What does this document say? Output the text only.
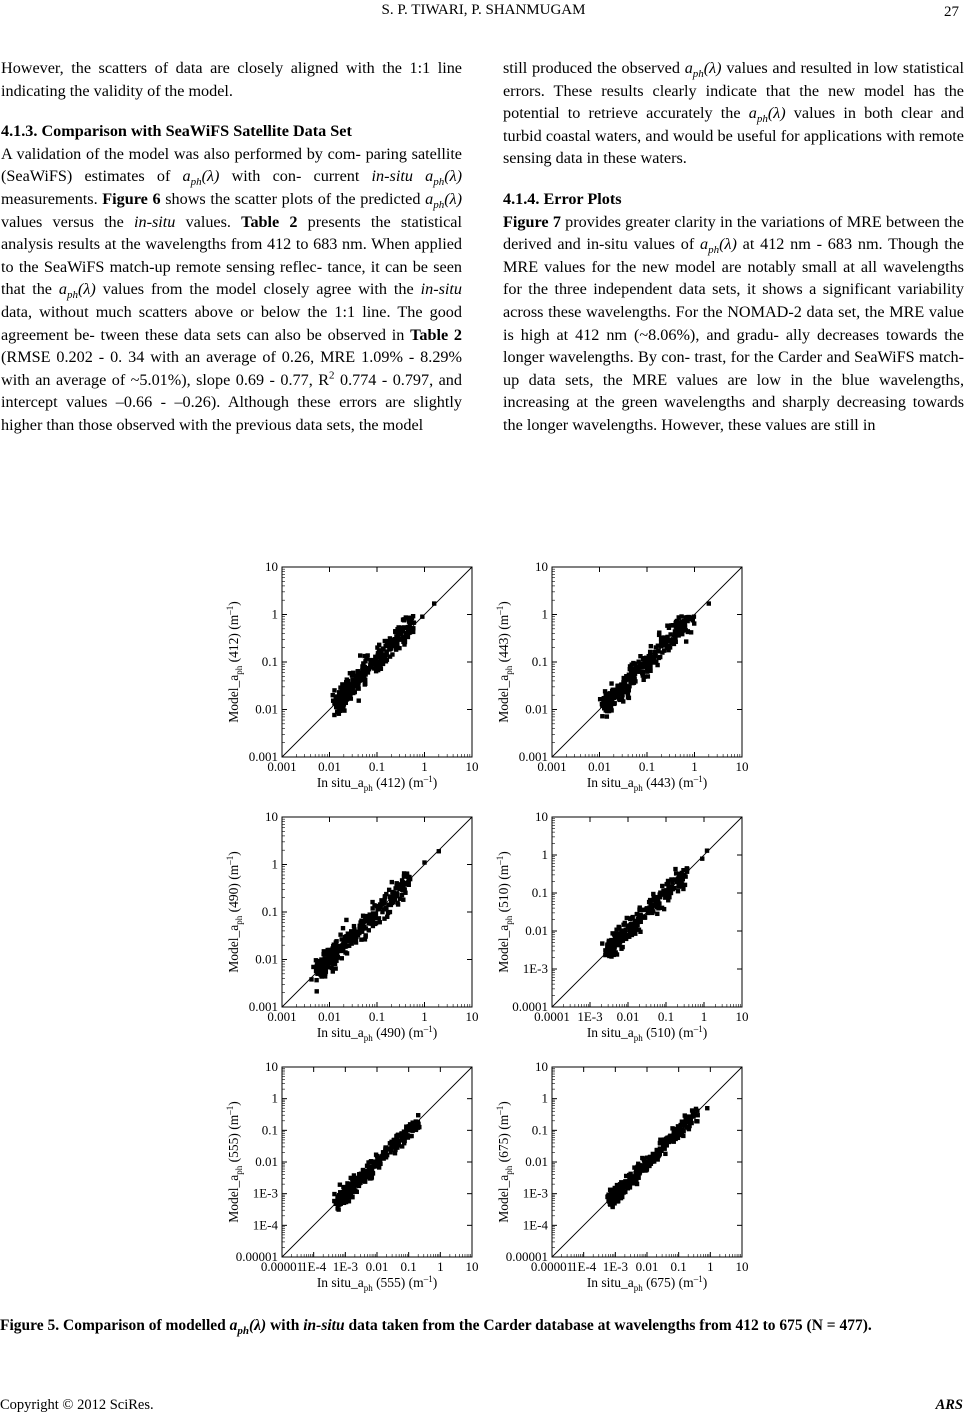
S. P. TIWARI, P. SHANMUGAM	27

However, the scatters of data are closely aligned with the 1:1 line indicating the validity of the model.

4.1.3. Comparison with SeaWiFS Satellite Data Set

A validation of the model was also performed by com- paring satellite (SeaWiFS) estimates of $a_{ph}(\lambda)$ with con- current in-situ $a_{ph}(\lambda)$ measurements. Figure 6 shows the scatter plots of the predicted $a_{ph}(\lambda)$ values versus the in-situ values. Table 2 presents the statistical analysis results at the wavelengths from 412 to 683 nm. When applied to the SeaWiFS match-up remote sensing reflec- tance, it can be seen that the $a_{ph}(\lambda)$ values from the model closely agree with the in-situ data, without much scatters above or below the 1:1 line. The good agreement be- tween these data sets can also be observed in Table 2 (RMSE 0.202 - 0. 34 with an average of 0.26, MRE 1.09% - 8.29% with an average of ~5.01%), slope 0.69 - 0.77, $R^2$ 0.774 - 0.797, and intercept values –0.66 - –0.26). Although these errors are slightly higher than those observed with the previous data sets, the model

still produced the observed $a_{ph}(\lambda)$ values and resulted in low statistical errors. These results clearly indicate that the new model has the potential to retrieve accurately the $a_{ph}(\lambda)$ values in both clear and turbid coastal waters, and would be useful for applications with remote sensing data in these waters.

4.1.4. Error Plots

Figure 7 provides greater clarity in the variations of MRE between the derived and in-situ values of $a_{ph}(\lambda)$ at 412 nm - 683 nm. Though the MRE values for the new model are notably small at all wavelengths for the three independent data sets, it shows a significant variability across these wavelengths. For the NOMAD-2 data set, the MRE value is high at 412 nm (~8.06%), and gradu- ally decreases towards the longer wavelengths. By con- trast, for the Carder and SeaWiFS match-up data sets, the MRE values are low in the blue wavelengths, increasing at the green wavelengths and sharply decreasing towards the longer wavelengths. However, these values are still in

0.001
0.001
0.01
0.01
0.1
0.1
1
1
10
10
In $situ\_a_{ph}$ (412) $(m^{-1})$
$Model\_a_{ph}$ (412) $(m^{-1})$
0.001
0.001
0.01
0.01
0.1
0.1
1
1
10
10
In $situ\_a_{ph}$ (443) $(m^{-1})$
$Model\_a_{ph}$ (443) $(m^{-1})$
0.001
0.001
0.01
0.01
0.1
0.1
1
1
10
10
In $situ\_a_{ph}$ (490) $(m^{-1})$
$Model\_a_{ph}$ (490) $(m^{-1})$
0.0001
0.0001
1E-3
1E-3
0.01
0.01
0.1
0.1
1
1
10
10
In $situ\_a_{ph}$ (510) $(m^{-1})$
$Model\_a_{ph}$ (510) $(m^{-1})$
0.00001
0.00001
1E-4
1E-4
1E-3
1E-3
0.01
0.01
0.1
0.1
1
1
10
10
In $situ\_a_{ph}$ (555) $(m^{-1})$
$Model\_a_{ph}$ (555) $(m^{-1})$
0.00001
0.00001
1E-4
1E-4
1E-3
1E-3
0.01
0.01
0.1
0.1
1
1
10
10
In $situ\_a_{ph}$ (675) $(m^{-1})$
$Model\_a_{ph}$ (675) $(m^{-1})$
Figure 5. Comparison of modelled $a_{ph}(\lambda)$ with in-situ data taken from the Carder database at wavelengths from 412 to 675 (N = 477).
Copyright © 2012 SciRes.	ARS
